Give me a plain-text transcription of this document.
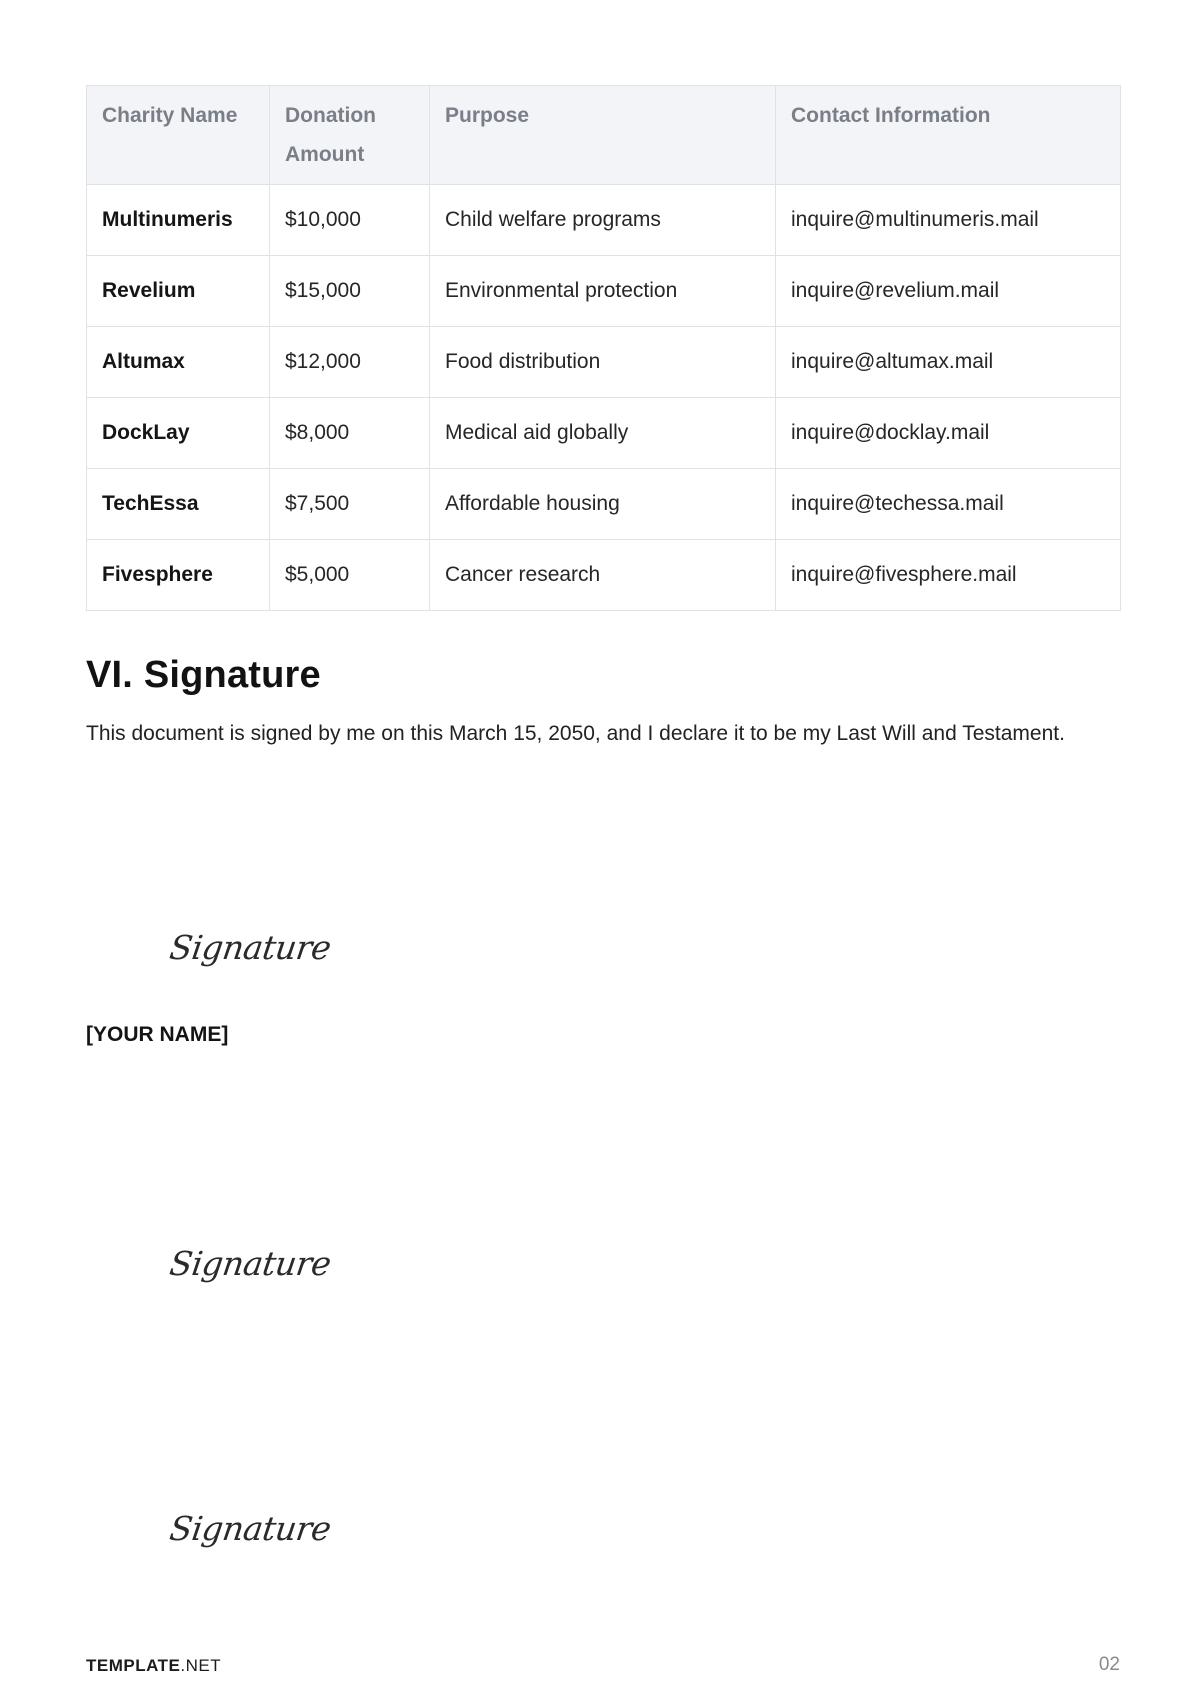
Charity Name	Donation Amount	Purpose	Contact Information
Multinumeris	$10,000	Child welfare programs	inquire@multinumeris.mail
Revelium	$15,000	Environmental protection	inquire@revelium.mail
Altumax	$12,000	Food distribution	inquire@altumax.mail
DockLay	$8,000	Medical aid globally	inquire@docklay.mail
TechEssa	$7,500	Affordable housing	inquire@techessa.mail
Fivesphere	$5,000	Cancer research	inquire@fivesphere.mail
VI. Signature

This document is signed by me on this March 15, 2050, and I declare it to be my Last Will and Testament.

Signature

[YOUR NAME]

Signature
Signature
TEMPLATE.NET	02
